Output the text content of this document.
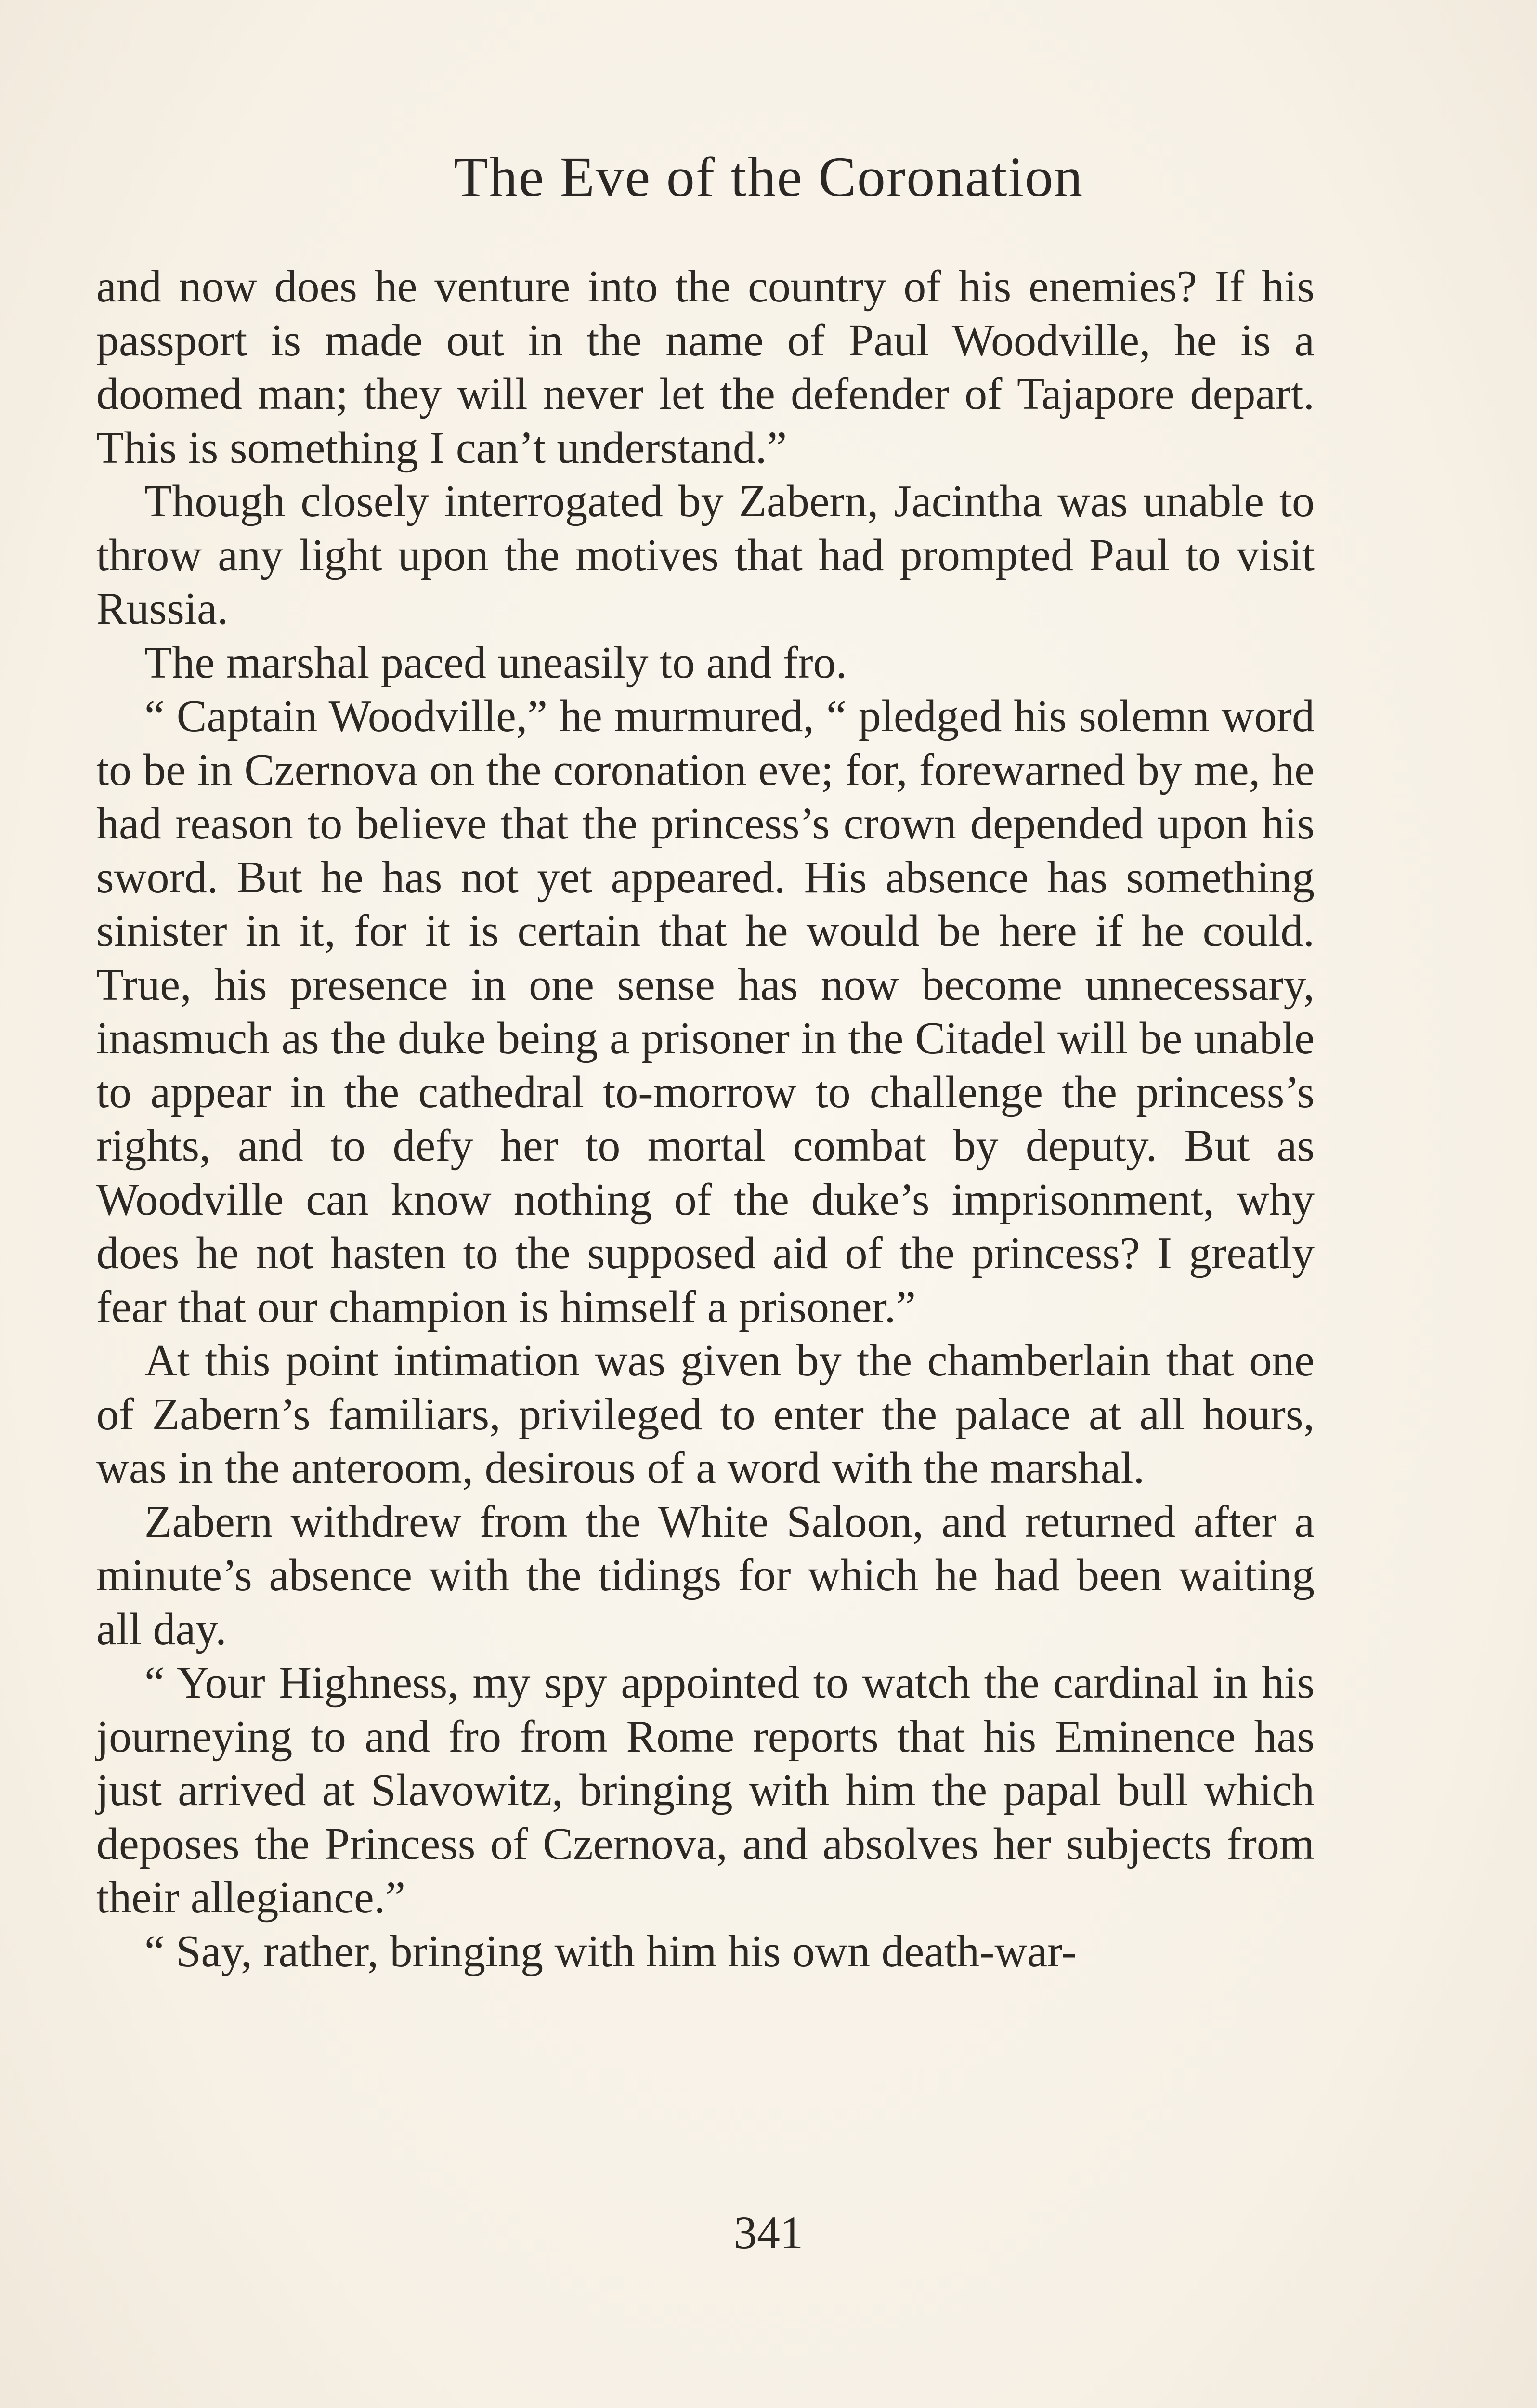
The Eve of the Coronation

and now does he venture into the country of his enemies? If his passport is made out in the name of Paul Woodville, he is a doomed man; they will never let the defender of Tajapore depart. This is something I can’t understand.”

Though closely interrogated by Zabern, Jacintha was unable to throw any light upon the motives that had prompted Paul to visit Russia.

The marshal paced uneasily to and fro.

“ Captain Woodville,” he murmured, “ pledged his solemn word to be in Czernova on the coronation eve; for, forewarned by me, he had reason to believe that the princess’s crown depended upon his sword. But he has not yet appeared. His absence has something sinister in it, for it is certain that he would be here if he could. True, his presence in one sense has now become unnecessary, inasmuch as the duke being a prisoner in the Citadel will be unable to appear in the cathedral to-morrow to challenge the princess’s rights, and to defy her to mortal combat by deputy. But as Woodville can know nothing of the duke’s imprisonment, why does he not hasten to the supposed aid of the princess? I greatly fear that our champion is himself a prisoner.”

At this point intimation was given by the chamberlain that one of Zabern’s familiars, privileged to enter the palace at all hours, was in the anteroom, desirous of a word with the marshal.

Zabern withdrew from the White Saloon, and returned after a minute’s absence with the tidings for which he had been waiting all day.

“ Your Highness, my spy appointed to watch the cardinal in his journeying to and fro from Rome reports that his Eminence has just arrived at Slavowitz, bringing with him the papal bull which deposes the Princess of Czernova, and absolves her subjects from their allegiance.”

“ Say, rather, bringing with him his own death-war-

341
